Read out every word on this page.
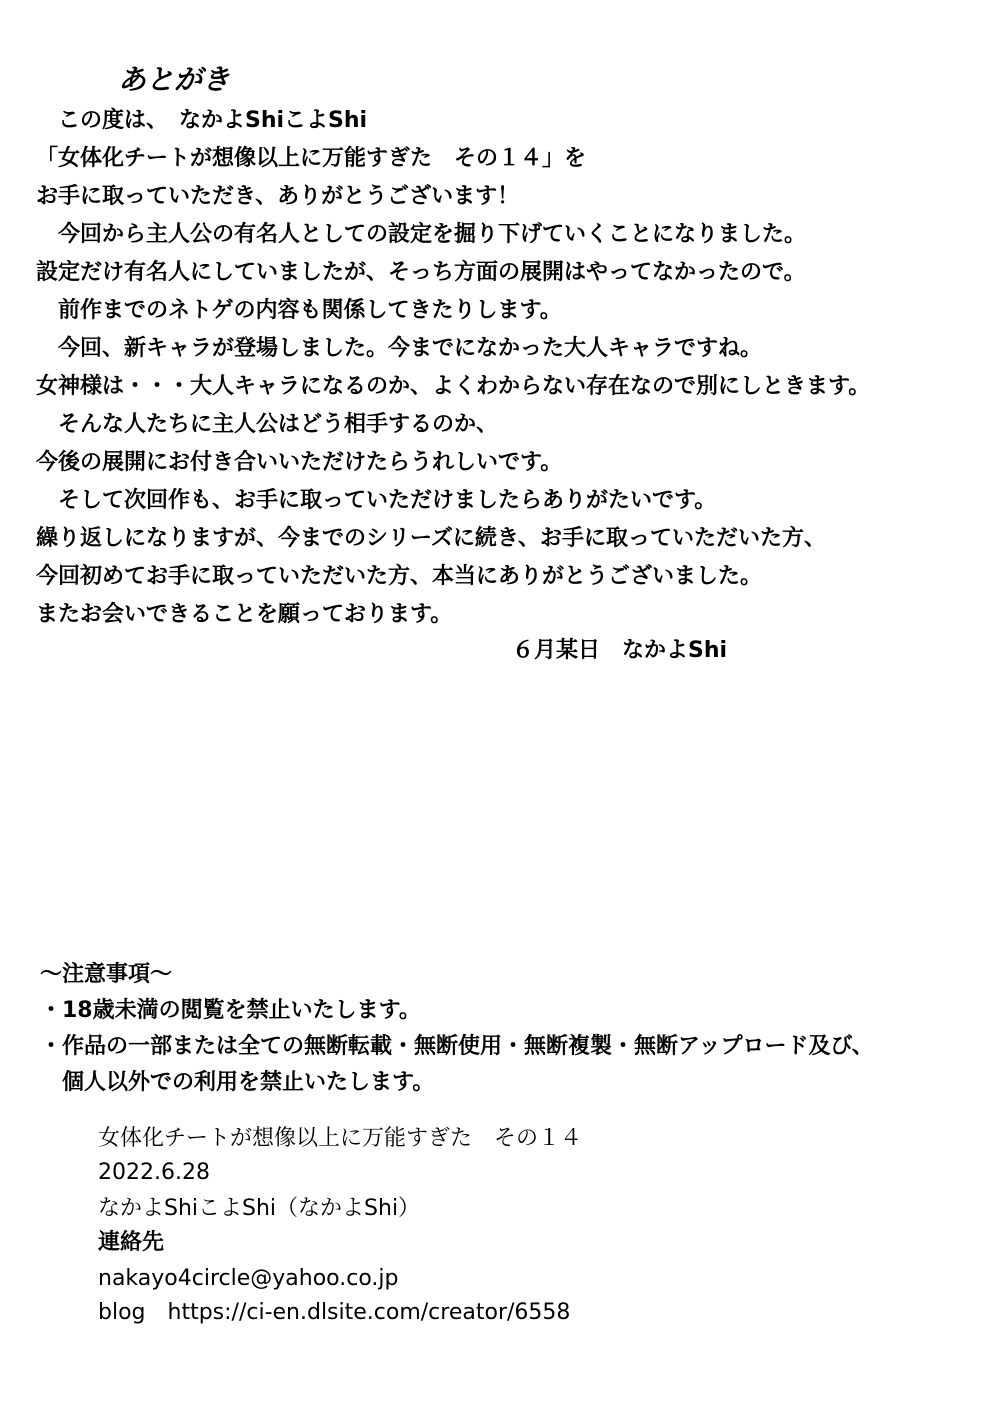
あとがき
　この度は、　なかよShiこよShi
「女体化チートが想像以上に万能すぎた　その１４」を
お手に取っていただき、ありがとうございます！
　今回から主人公の有名人としての設定を掘り下げていくことになりました。
設定だけ有名人にしていましたが、そっち方面の展開はやってなかったので。
　前作までのネトゲの内容も関係してきたりします。
　今回、新キャラが登場しました。今までになかった大人キャラですね。
女神様は・・・大人キャラになるのか、よくわからない存在なので別にしときます。
　そんな人たちに主人公はどう相手するのか、
今後の展開にお付き合いいただけたらうれしいです。
　そして次回作も、お手に取っていただけましたらありがたいです。
繰り返しになりますが、今までのシリーズに続き、お手に取っていただいた方、
今回初めてお手に取っていただいた方、本当にありがとうございました。
またお会いできることを願っております。
６月某日　なかよShi
～注意事項～
・18歳未満の閲覧を禁止いたします。
・作品の一部または全ての無断転載・無断使用・無断複製・無断アップロード及び、
　個人以外での利用を禁止いたします。
女体化チートが想像以上に万能すぎた　その１４
2022.6.28
なかよShiこよShi（なかよShi）
連絡先
nakayo4circle@yahoo.co.jp
blog　https://ci-en.dlsite.com/creator/6558
